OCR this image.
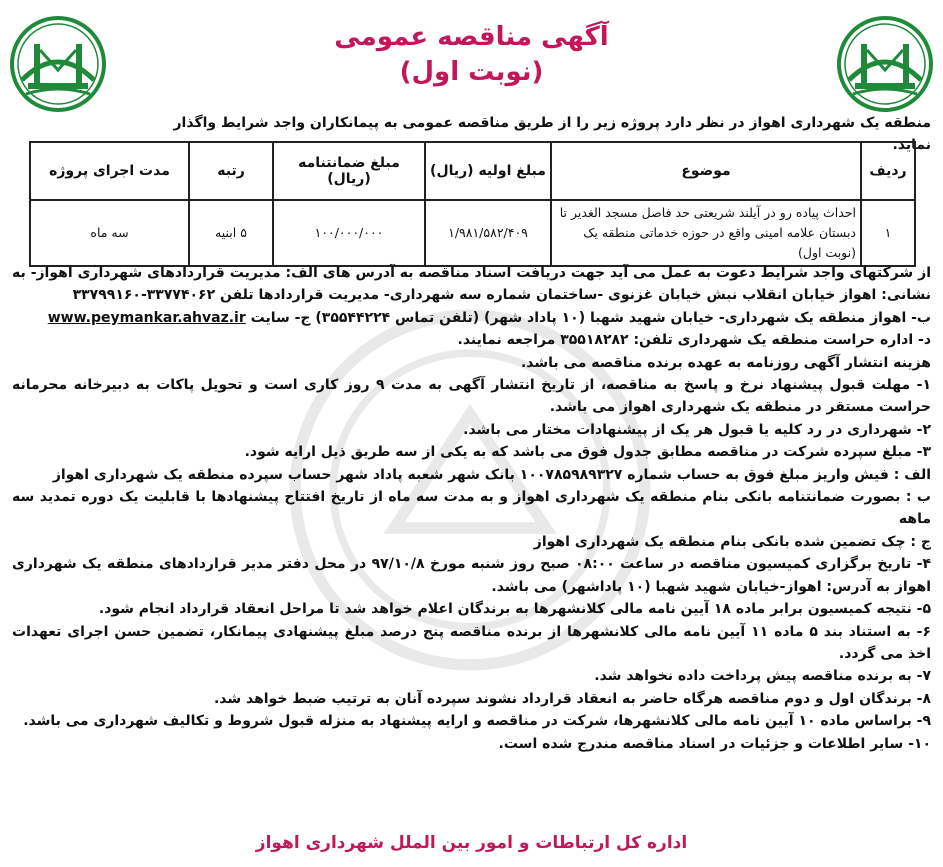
آگهی مناقصه عمومی
(نوبت اول)
منطقه یک شهرداری اهواز در نظر دارد پروژه زیر را از طریق مناقصه عمومی به پیمانکاران واجد شرایط واگذار نماید.
ردیف	موضوع	مبلغ اولیه (ریال)	مبلغ ضمانتنامه (ریال)	رتبه	مدت اجرای پروژه
۱	احداث پیاده رو در آیلند شریعتی حد فاصل مسجد الغدیر تا دبستان علامه امینی واقع در حوزه خدماتی منطقه یک (نوبت اول)	۱/۹۸۱/۵۸۲/۴۰۹	۱۰۰/۰۰۰/۰۰۰	۵ ابنیه	سه ماه

از شرکتهای واجد شرایط دعوت به عمل می آید جهت دریافت اسناد مناقصه به آدرس های الف: مدیریت قراردادهای شهرداری اهواز- به نشانی: اهواز خیابان انقلاب نبش خیابان غزنوی -ساختمان شماره سه شهرداری- مدیریت قراردادها تلفن ۳۳۷۷۴۰۶۲-۳۳۷۹۹۱۶۰

ب- اهواز منطقه یک شهرداری- خیابان شهید شهبا (۱۰ پاداد شهر) (تلفن تماس ۳۵۵۴۴۲۲۴) ج- سایت www.peymankar.ahvaz.ir

د- اداره حراست منطقه یک شهرداری تلفن: ۳۵۵۱۸۲۸۲ مراجعه نمایند.

هزینه انتشار آگهی روزنامه به عهده برنده مناقصه می باشد.

۱- مهلت قبول پیشنهاد نرخ و پاسخ به مناقصه، از تاریخ انتشار آگهی به مدت ۹ روز کاری است و تحویل پاکات به دبیرخانه محرمانه حراست مستقر در منطقه یک شهرداری اهواز می باشد.

۲- شهرداری در رد کلیه یا قبول هر یک از پیشنهادات مختار می باشد.

۳- مبلغ سپرده شرکت در مناقصه مطابق جدول فوق می باشد که به یکی از سه طریق ذیل ارایه شود.

الف : فیش واریز مبلغ فوق به حساب شماره ۱۰۰۷۸۵۹۸۹۳۲۷ بانک شهر شعبه پاداد شهر حساب سپرده منطقه یک شهرداری اهواز

ب : بصورت ضمانتنامه بانکی بنام منطقه یک شهرداری اهواز و به مدت سه ماه از تاریخ افتتاح پیشنهادها با قابلیت یک دوره تمدید سه ماهه

ج : چک تضمین شده بانکی بنام منطقه یک شهرداری اهواز

۴- تاریخ برگزاری کمیسیون مناقصه در ساعت ۰۸:۰۰ صبح روز شنبه مورخ ۹۷/۱۰/۸ در محل دفتر مدیر قراردادهای منطقه یک شهرداری اهواز به آدرس: اهواز-خیابان شهید شهبا (۱۰ پاداشهر) می باشد.

۵- نتیجه کمیسیون برابر ماده ۱۸ آیین نامه مالی کلانشهرها به برندگان اعلام خواهد شد تا مراحل انعقاد قرارداد انجام شود.

۶- به استناد بند ۵ ماده ۱۱ آیین نامه مالی کلانشهرها از برنده مناقصه پنج درصد مبلغ پیشنهادی پیمانکار، تضمین حسن اجرای تعهدات اخذ می گردد.

۷- به برنده مناقصه پیش پرداخت داده نخواهد شد.

۸- برندگان اول و دوم مناقصه هرگاه حاضر به انعقاد قرارداد نشوند سپرده آنان به ترتیب ضبط خواهد شد.

۹- براساس ماده ۱۰ آیین نامه مالی کلانشهرها، شرکت در مناقصه و ارایه پیشنهاد به منزله قبول شروط و تکالیف شهرداری می باشد.

۱۰- سایر اطلاعات و جزئیات در اسناد مناقصه مندرج شده است.

اداره کل ارتباطات و امور بین الملل شهرداری اهواز
